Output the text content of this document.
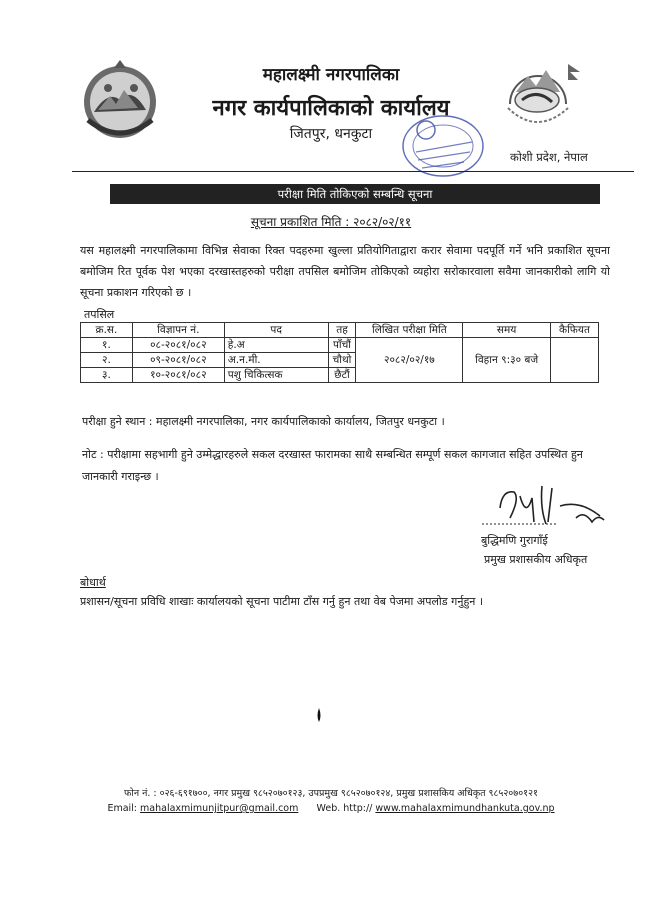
महालक्ष्मी नगरपालिका
नगर कार्यपालिकाको कार्यालय
जितपुर, धनकुटा
कोशी प्रदेश, नेपाल
परीक्षा मिति तोकिएको सम्बन्धि सूचना
सूचना प्रकाशित मिति : २०८२/०२/११
यस महालक्ष्मी नगरपालिकामा विभिन्न सेवाका रिक्त पदहरुमा खुल्ला प्रतियोगिताद्वारा करार सेवामा पदपूर्ति गर्ने भनि प्रकाशित सूचना बमोजिम रित पूर्वक पेश भएका दरखास्तहरुको परीक्षा तपसिल बमोजिम तोकिएको व्यहोरा सरोकारवाला सवैमा जानकारीको लागि यो सूचना प्रकाशन गरिएको छ ।
तपसिल
क्र.स.	विज्ञापन नं.	पद	तह	लिखित परीक्षा मिति	समय	कैफियत
१.	०८-२०८१/०८२	हे.अ	पाँचौं	२०८२/०२/१७	विहान ९:३० बजे	
२.	०९-२०८१/०८२	अ.न.मी.	चौथो			
३.	१०-२०८१/०८२	पशु चिकित्सक	छैटौं			
परीक्षा हुने स्थान : महालक्ष्मी नगरपालिका, नगर कार्यपालिकाको कार्यालय, जितपुर धनकुटा ।
नोट : परीक्षामा सहभागी हुने उम्मेद्धारहरुले सकल दरखास्त फारामका साथै सम्बन्धित सम्पूर्ण सकल कागजात सहित उपस्थित हुन जानकारी गराइन्छ ।
बुद्धिमणि गुरागाँई
प्रमुख प्रशासकीय अधिकृत
बोधार्थ
प्रशासन/सूचना प्रविधि शाखाः कार्यालयको सूचना पाटीमा टाँस गर्नु हुन तथा वेब पेजमा अपलोड गर्नुहुन ।
फोन नं. : ०२६-६९१७००, नगर प्रमुख ९८५२०७०१२३, उपप्रमुख ९८५२०७०१२४, प्रमुख प्रशासकिय अधिकृत ९८५२०७०१२१
Email: mahalaxmimunjitpur@gmail.com Web. http:// www.mahalaxmimundhankuta.gov.np
